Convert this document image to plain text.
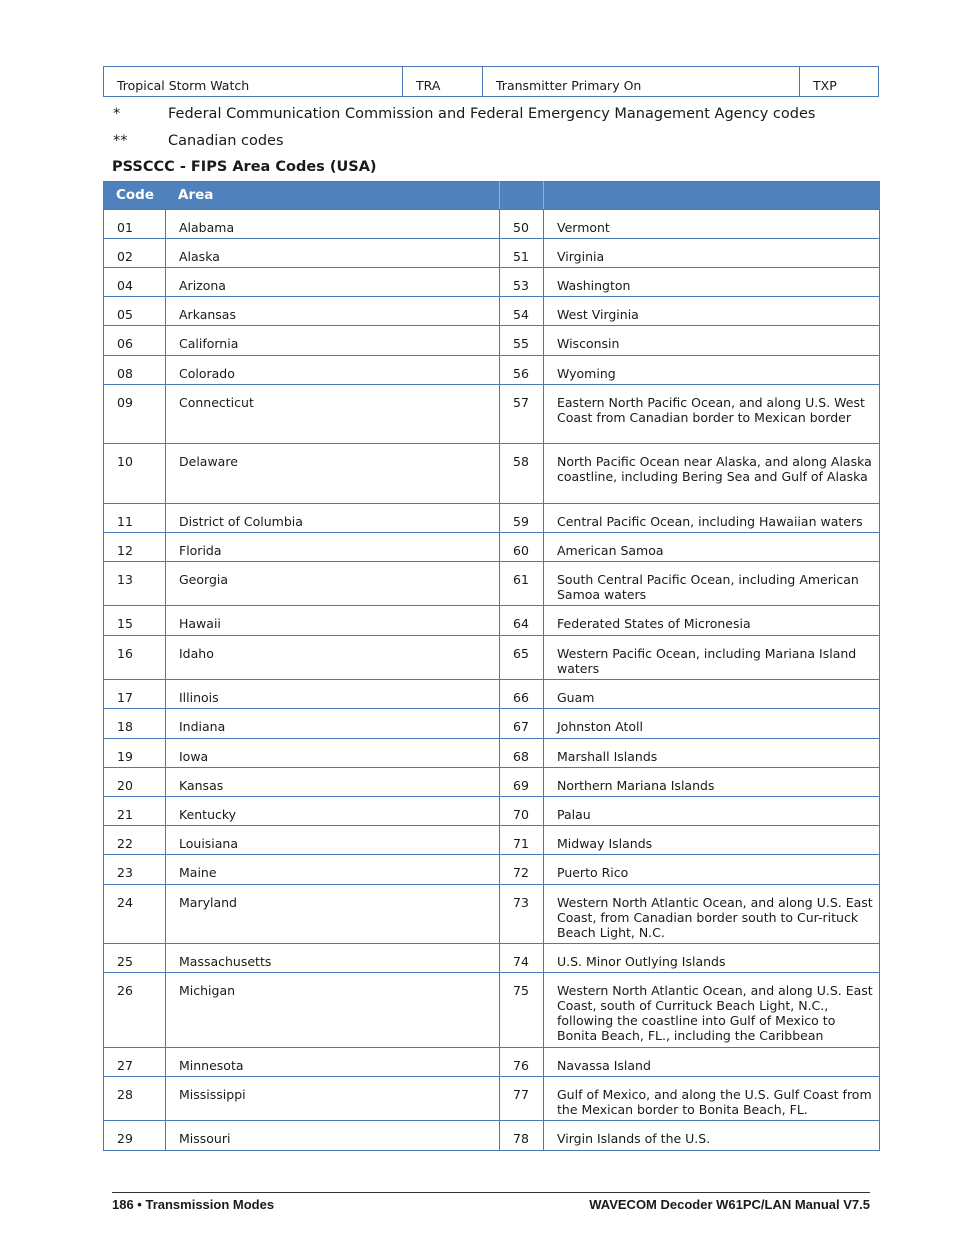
Tropical Storm Watch	TRA	Transmitter Primary On	TXP
*	Federal Communication Commission and Federal Emergency Management Agency codes
**	Canadian codes
PSSCCC - FIPS Area Codes (USA)
Code	Area		
01	Alabama	50	Vermont
02	Alaska	51	Virginia
04	Arizona	53	Washington
05	Arkansas	54	West Virginia
06	California	55	Wisconsin
08	Colorado	56	Wyoming
09	Connecticut	57	Eastern North Pacific Ocean, and along U.S. West Coast from Canadian border to Mexican border
10	Delaware	58	North Pacific Ocean near Alaska, and along Alaska coastline, including Bering Sea and Gulf of Alaska
11	District of Columbia	59	Central Pacific Ocean, including Hawaiian waters
12	Florida	60	American Samoa
13	Georgia	61	South Central Pacific Ocean, including American Samoa waters
15	Hawaii	64	Federated States of Micronesia
16	Idaho	65	Western Pacific Ocean, including Mariana Island waters
17	Illinois	66	Guam
18	Indiana	67	Johnston Atoll
19	Iowa	68	Marshall Islands
20	Kansas	69	Northern Mariana Islands
21	Kentucky	70	Palau
22	Louisiana	71	Midway Islands
23	Maine	72	Puerto Rico
24	Maryland	73	Western North Atlantic Ocean, and along U.S. East Coast, from Canadian border south to Cur-rituck Beach Light, N.C.
25	Massachusetts	74	U.S. Minor Outlying Islands
26	Michigan	75	Western North Atlantic Ocean, and along U.S. East Coast, south of Currituck Beach Light, N.C., following the coastline into Gulf of Mexico to Bonita Beach, FL., including the Caribbean
27	Minnesota	76	Navassa Island
28	Mississippi	77	Gulf of Mexico, and along the U.S. Gulf Coast from the Mexican border to Bonita Beach, FL.
29	Missouri	78	Virgin Islands of the U.S.
186 • Transmission Modes	WAVECOM Decoder W61PC/LAN Manual V7.5
